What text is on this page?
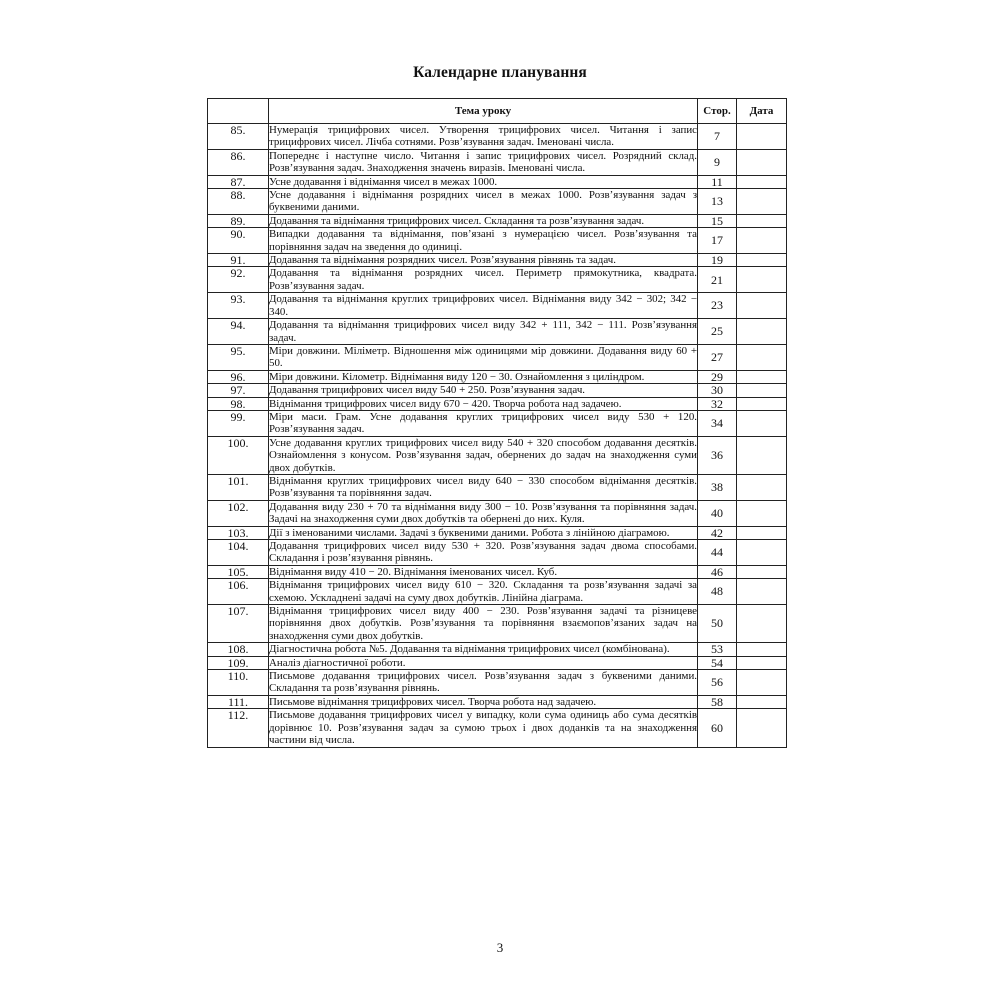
Календарне планування
	Тема уроку	Стор.	Дата
85.	Нумерація трицифрових чисел. Утворення трицифрових чисел. Читання і запис трицифрових чисел. Лічба сотнями. Розв’язування задач. Іменовані числа.	7	
86.	Попереднє і наступне число. Читання і запис трицифрових чисел. Розрядний склад. Розв’язування задач. Знаходження значень виразів. Іменовані числа.	9	
87.	Усне додавання і віднімання чисел в межах 1000.	11	
88.	Усне додавання і віднімання розрядних чисел в межах 1000. Розв’язування задач з буквеними даними.	13	
89.	Додавання та віднімання трицифрових чисел. Складання та розв’язування задач.	15	
90.	Випадки додавання та віднімання, пов’язані з нумерацією чисел. Розв’язування та порівняння задач на зведення до одиниці.	17	
91.	Додавання та віднімання розрядних чисел. Розв’язування рівнянь та задач.	19	
92.	Додавання та віднімання розрядних чисел. Периметр прямокутника, квадрата. Розв’язування задач.	21	
93.	Додавання та віднімання круглих трицифрових чисел. Віднімання виду 342 − 302; 342 − 340.	23	
94.	Додавання та віднімання трицифрових чисел виду 342 + 111, 342 − 111. Розв’язування задач.	25	
95.	Міри довжини. Міліметр. Відношення між одиницями мір довжини. Додавання виду 60 + 50.	27	
96.	Міри довжини. Кілометр. Віднімання виду 120 − 30. Ознайомлення з циліндром.	29	
97.	Додавання трицифрових чисел виду 540 + 250. Розв’язування задач.	30	
98.	Віднімання трицифрових чисел виду 670 − 420. Творча робота над задачею.	32	
99.	Міри маси. Грам. Усне додавання круглих трицифрових чисел виду 530 + 120. Розв’язування задач.	34	
100.	Усне додавання круглих трицифрових чисел виду 540 + 320 способом додавання десятків. Ознайомлення з конусом. Розв’язування задач, обернених до задач на знаходження суми двох добутків.	36	
101.	Віднімання круглих трицифрових чисел виду 640 − 330 способом віднімання десятків. Розв’язування та порівняння задач.	38	
102.	Додавання виду 230 + 70 та віднімання виду 300 − 10. Розв’язування та порівняння задач. Задачі на знаходження суми двох добутків та обернені до них. Куля.	40	
103.	Дії з іменованими числами. Задачі з буквеними даними. Робота з лінійною діаграмою.	42	
104.	Додавання трицифрових чисел виду 530 + 320. Розв’язування задач двома способами. Складання і розв’язування рівнянь.	44	
105.	Віднімання виду 410 − 20. Віднімання іменованих чисел. Куб.	46	
106.	Віднімання трицифрових чисел виду 610 − 320. Складання та розв’язування задачі за схемою. Ускладнені задачі на суму двох добутків. Лінійна діаграма.	48	
107.	Віднімання трицифрових чисел виду 400 − 230. Розв’язування задачі та різницеве порівняння двох добутків. Розв’язування та порівняння взаємопов’язаних задач на знаходження суми двох добутків.	50	
108.	Діагностична робота №5. Додавання та віднімання трицифрових чисел (комбінована).	53	
109.	Аналіз діагностичної роботи.	54	
110.	Письмове додавання трицифрових чисел. Розв’язування задач з буквеними даними. Складання та розв’язування рівнянь.	56	
111.	Письмове віднімання трицифрових чисел. Творча робота над задачею.	58	
112.	Письмове додавання трицифрових чисел у випадку, коли сума одиниць або сума десятків дорівнює 10. Розв’язування задач за сумою трьох і двох доданків та на знаходження частини від числа.	60	
3
